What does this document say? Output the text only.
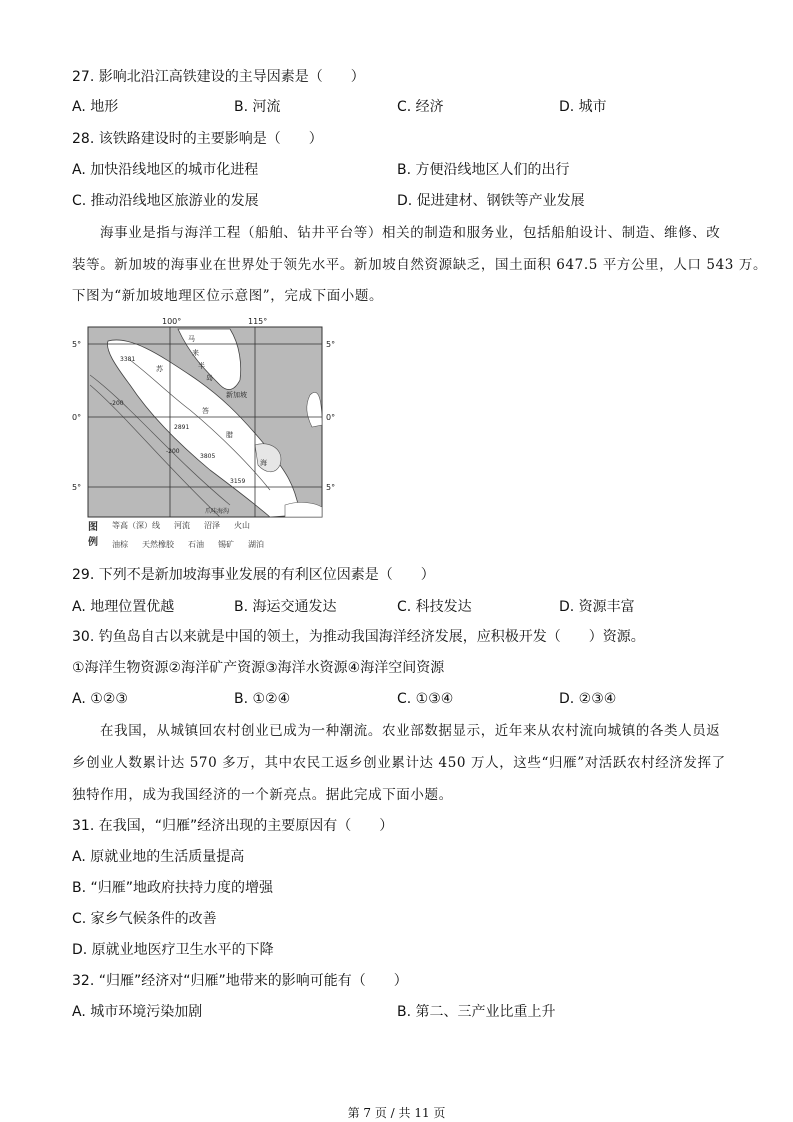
27. 影响北沿江高铁建设的主导因素是（　　）
A. 地形	B. 河流	C. 经济	D. 城市
28. 该铁路建设时的主要影响是（　　）
A. 加快沿线地区的城市化进程	B. 方便沿线地区人们的出行
C. 推动沿线地区旅游业的发展	D. 促进建材、钢铁等产业发展
海事业是指与海洋工程（船舶、钻井平台等）相关的制造和服务业，包括船舶设计、制造、维修、改
装等。新加坡的海事业在世界处于领先水平。新加坡自然资源缺乏，国土面积 647.5 平方公里，人口 543 万。
下图为“新加坡地理区位示意图”，完成下面小题。
100°	115°
5°
0°
5°
5°
0°
5°
马
来
半
岛
新加坡
苏
答
腊
海
爪哇海沟
3381
2891
3805
3159
-200
-200
图例
等高（深）线 河流 沼泽 火山
油棕 天然橡胶 石油 锡矿 湖泊
29. 下列不是新加坡海事业发展的有利区位因素是（　　）
A. 地理位置优越	B. 海运交通发达	C. 科技发达	D. 资源丰富
30. 钓鱼岛自古以来就是中国的领土，为推动我国海洋经济发展，应积极开发（　　）资源。
①海洋生物资源②海洋矿产资源③海洋水资源④海洋空间资源
A. ①②③	B. ①②④	C. ①③④	D. ②③④
在我国，从城镇回农村创业已成为一种潮流。农业部数据显示，近年来从农村流向城镇的各类人员返
乡创业人数累计达 570 多万，其中农民工返乡创业累计达 450 万人，这些“归雁”对活跃农村经济发挥了
独特作用，成为我国经济的一个新亮点。据此完成下面小题。
31. 在我国，“归雁”经济出现的主要原因有（　　）
A. 原就业地的生活质量提高
B. “归雁”地政府扶持力度的增强
C. 家乡气候条件的改善
D. 原就业地医疗卫生水平的下降
32. “归雁”经济对“归雁”地带来的影响可能有（　　）
A. 城市环境污染加剧	B. 第二、三产业比重上升
第 7 页 / 共 11 页
